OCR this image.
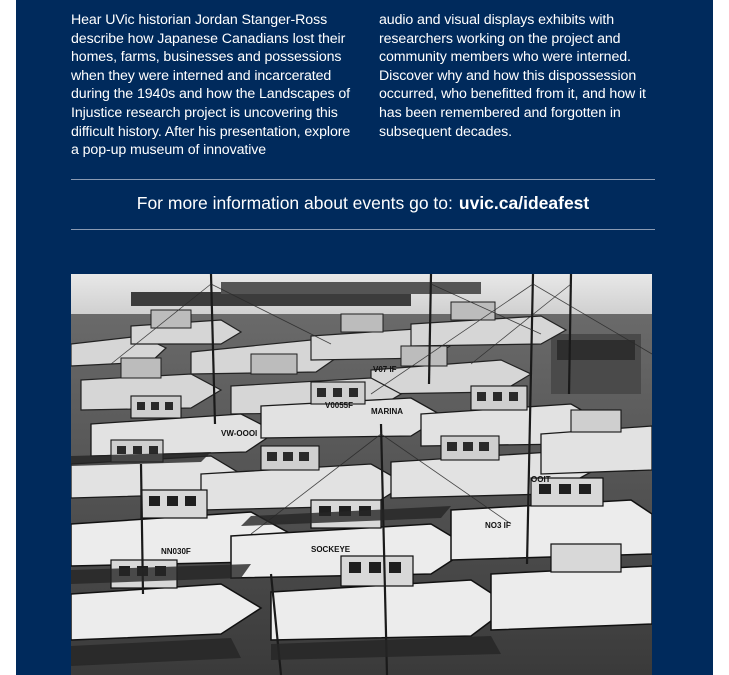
Hear UVic historian Jordan Stanger-Ross describe how Japanese Canadians lost their homes, farms, businesses and possessions when they were interned and incarcerated during the 1940s and how the Landscapes of Injustice research project is uncovering this difficult history. After his presentation, explore a pop-up museum of innovative
audio and visual displays exhibits with researchers working on the project and community members who were interned. Discover why and how this dispossession occurred, who benefitted from it, and how it has been remembered and forgotten in subsequent decades.
For more information about events go to: uvic.ca/ideafest
V07 IF
V0055F
MARINA
VW-OOOI
NN030F	SOCKEYE
NO3 IF
OOIT
